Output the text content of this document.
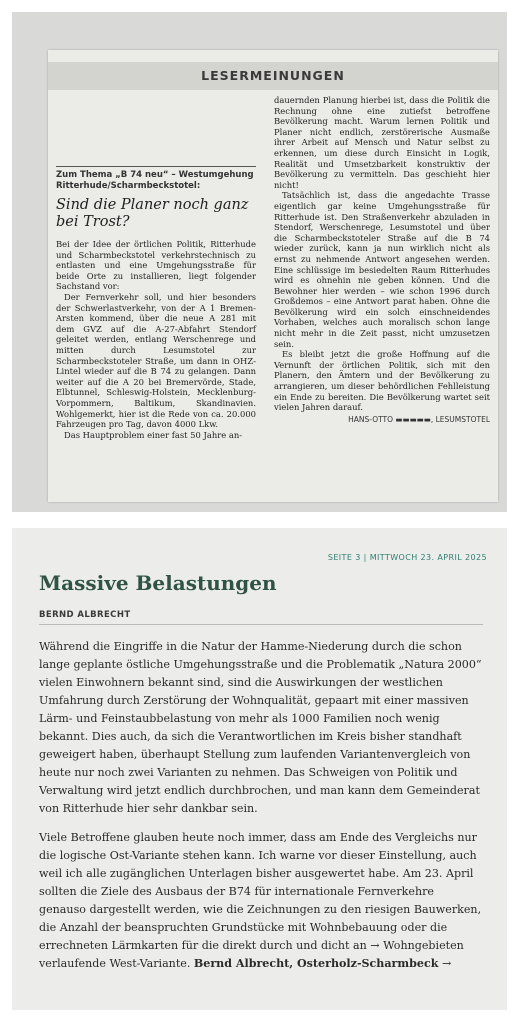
LESERMEINUNGEN
Zum Thema „B 74 neu“ – Westumgehung Ritterhude/Scharmbeckstotel:
Sind die Planer noch ganz bei Trost?

Bei der Idee der örtlichen Politik, Ritterhude und Scharmbeckstotel verkehrstechnisch zu entlasten und eine Umgehungsstraße für beide Orte zu installieren, liegt folgender Sachstand vor:

Der Fernverkehr soll, und hier besonders der Schwerlastverkehr, von der A 1 Bremen-Arsten kommend, über die neue A 281 mit dem GVZ auf die A-27-Abfahrt Stendorf geleitet werden, entlang Werschenrege und mitten durch Lesumstotel zur Scharmbeckstoteler Straße, um dann in OHZ-Lintel wieder auf die B 74 zu gelangen. Dann weiter auf die A 20 bei Bremervörde, Stade, Elbtunnel, Schleswig-Holstein, Mecklenburg-Vorpommern, Baltikum, Skandinavien. Wohlgemerkt, hier ist die Rede von ca. 20.000 Fahrzeugen pro Tag, davon 4000 Lkw.

Das Hauptproblem einer fast 50 Jahre an-

dauernden Planung hierbei ist, dass die Politik die Rechnung ohne eine zutiefst betroffene Bevölkerung macht. Warum lernen Politik und Planer nicht endlich, zerstörerische Ausmaße ihrer Arbeit auf Mensch und Natur selbst zu erkennen, um diese durch Einsicht in Logik, Realität und Umsetzbarkeit konstruktiv der Bevölkerung zu vermitteln. Das geschieht hier nicht!

Tatsächlich ist, dass die angedachte Trasse eigentlich gar keine Umgehungsstraße für Ritterhude ist. Den Straßenverkehr abzuladen in Stendorf, Werschenrege, Lesumstotel und über die Scharmbeckstoteler Straße auf die B 74 wieder zurück, kann ja nun wirklich nicht als ernst zu nehmende Antwort angesehen werden. Eine schlüssige im besiedelten Raum Ritterhudes wird es ohnehin nie geben können. Und die Bewohner hier werden – wie schon 1996 durch Großdemos – eine Antwort parat haben. Ohne die Bevölkerung wird ein solch einschneidendes Vorhaben, welches auch moralisch schon lange nicht mehr in die Zeit passt, nicht umzusetzen sein.

Es bleibt jetzt die große Hoffnung auf die Vernunft der örtlichen Politik, sich mit den Planern, den Ämtern und der Bevölkerung zu arrangieren, um dieser behördlichen Fehlleistung ein Ende zu bereiten. Die Bevölkerung wartet seit vielen Jahren darauf.

HANS-OTTO ▬▬▬▬▬, LESUMSTOTEL
SEITE 3 | MITTWOCH 23. APRIL 2025
Massive Belastungen
BERND ALBRECHT

Während die Eingriffe in die Natur der Hamme-Niederung durch die schon lange geplante östliche Umgehungsstraße und die Problematik „Natura 2000“ vielen Einwohnern bekannt sind, sind die Auswirkungen der westlichen Umfahrung durch Zerstörung der Wohnqualität, gepaart mit einer massiven Lärm- und Feinstaubbelastung von mehr als 1000 Familien noch wenig bekannt. Dies auch, da sich die Verantwortlichen im Kreis bisher standhaft geweigert haben, überhaupt Stellung zum laufenden Variantenvergleich von heute nur noch zwei Varianten zu nehmen. Das Schweigen von Politik und Verwaltung wird jetzt endlich durchbrochen, und man kann dem Gemeinderat von Ritterhude hier sehr dankbar sein.

Viele Betroffene glauben heute noch immer, dass am Ende des Vergleichs nur die logische Ost-Variante stehen kann. Ich warne vor dieser Einstellung, auch weil ich alle zugänglichen Unterlagen bisher ausgewertet habe. Am 23. April sollten die Ziele des Ausbaus der B74 für internationale Fernverkehre genauso dargestellt werden, wie die Zeichnungen zu den riesigen Bauwerken, die Anzahl der beanspruchten Grundstücke mit Wohnbebauung oder die errechneten Lärmkarten für die direkt durch und dicht an → Wohngebieten verlaufende West-Variante. Bernd Albrecht, Osterholz-Scharmbeck →
